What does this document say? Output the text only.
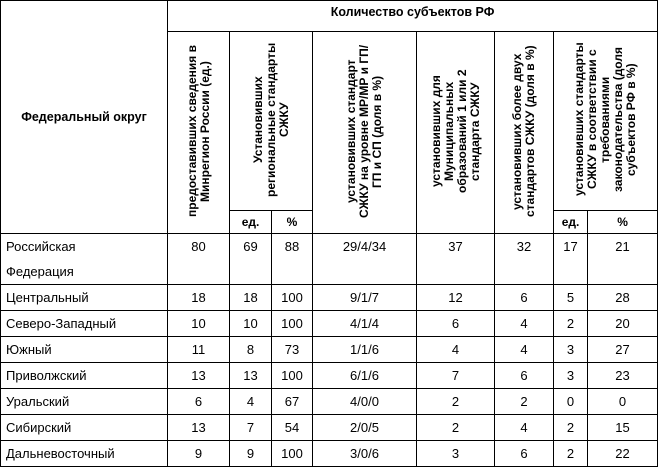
Федеральный округ	Количество субъектов РФ							
	предоставивших сведения в Минрегион России (ед.)	Установивших региональные стандарты СЖКУ		установивших стандарт СЖКУ на уровне МР/МР и ГП/ГП и СП (доля в %)	установивших для Муниципальных образований 1 или 2 стандарта СЖКУ	установивших более двух стандартов СЖКУ (доля в %)	установивших стандарты СЖКУ в соответствии с требованиями законодательства (доля субъектов РФ в %)	
		ед.	%				ед.	%
Российская
Федерация	80	69	88	29/4/34	37	32	17	21
Центральный	18	18	100	9/1/7	12	6	5	28
Северо-Западный	10	10	100	4/1/4	6	4	2	20
Южный	11	8	73	1/1/6	4	4	3	27
Приволжский	13	13	100	6/1/6	7	6	3	23
Уральский	6	4	67	4/0/0	2	2	0	0
Сибирский	13	7	54	2/0/5	2	4	2	15
Дальневосточный	9	9	100	3/0/6	3	6	2	22
